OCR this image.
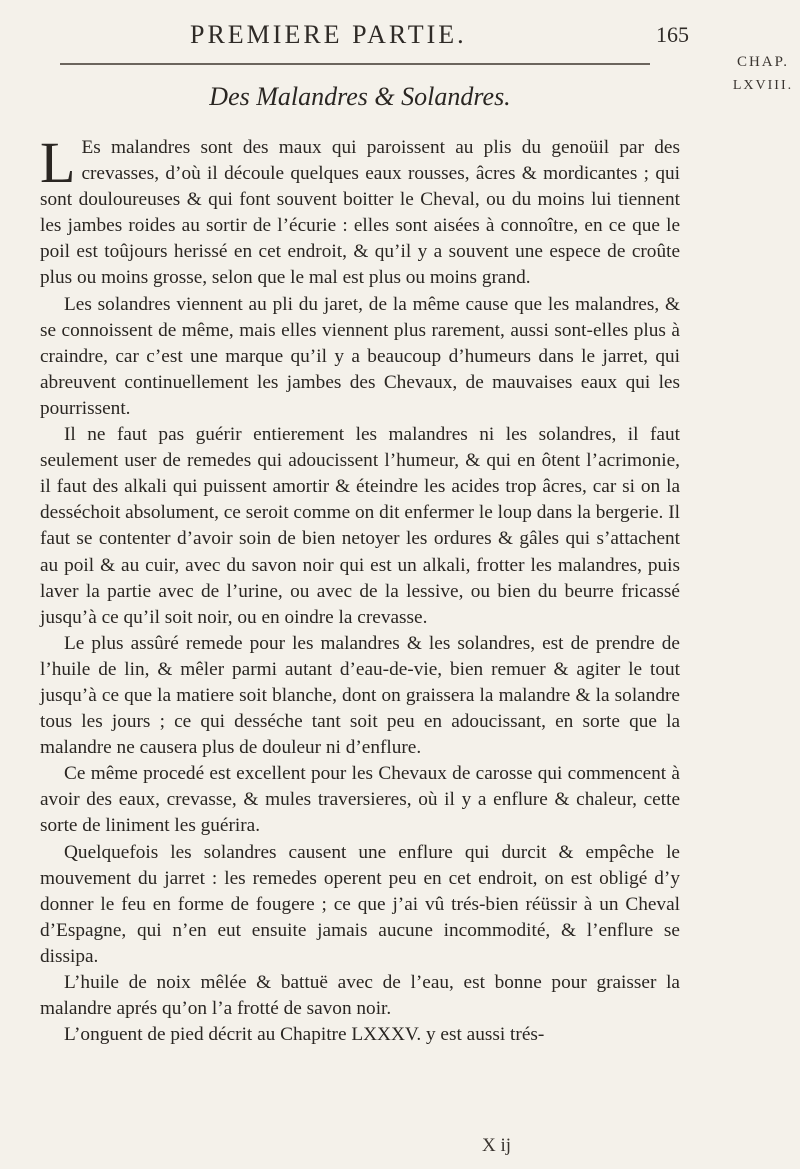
PREMIERE PARTIE.	165
CHAP.
LXVIII.
Des Malandres & Solandres.

L Es malandres sont des maux qui paroissent au plis du genoüil par des crevasses, d’où il découle quelques eaux rousses, âcres & mordicantes ; qui sont douloureuses & qui font souvent boitter le Cheval, ou du moins lui tiennent les jambes roides au sortir de l’écurie : elles sont aisées à connoître, en ce que le poil est toûjours herissé en cet endroit, & qu’il y a souvent une espece de croûte plus ou moins grosse, selon que le mal est plus ou moins grand.

Les solandres viennent au pli du jaret, de la même cause que les malandres, & se connoissent de même, mais elles viennent plus rarement, aussi sont-elles plus à craindre, car c’est une marque qu’il y a beaucoup d’humeurs dans le jarret, qui abreuvent continuellement les jambes des Chevaux, de mauvaises eaux qui les pourrissent.

Il ne faut pas guérir entierement les malandres ni les solandres, il faut seulement user de remedes qui adoucissent l’humeur, & qui en ôtent l’acrimonie, il faut des alkali qui puissent amortir & éteindre les acides trop âcres, car si on la desséchoit absolument, ce seroit comme on dit enfermer le loup dans la bergerie. Il faut se contenter d’avoir soin de bien netoyer les ordures & gâles qui s’attachent au poil & au cuir, avec du savon noir qui est un alkali, frotter les malandres, puis laver la partie avec de l’urine, ou avec de la lessive, ou bien du beurre fricassé jusqu’à ce qu’il soit noir, ou en oindre la crevasse.

Le plus assûré remede pour les malandres & les solandres, est de prendre de l’huile de lin, & mêler parmi autant d’eau-de-vie, bien remuer & agiter le tout jusqu’à ce que la matiere soit blanche, dont on graissera la malandre & la solandre tous les jours ; ce qui desséche tant soit peu en adoucissant, en sorte que la malandre ne causera plus de douleur ni d’enflure.

Ce même procedé est excellent pour les Chevaux de carosse qui commencent à avoir des eaux, crevasse, & mules traversieres, où il y a enflure & chaleur, cette sorte de liniment les guérira.

Quelquefois les solandres causent une enflure qui durcit & empêche le mouvement du jarret : les remedes operent peu en cet endroit, on est obligé d’y donner le feu en forme de fougere ; ce que j’ai vû trés-bien réüssir à un Cheval d’Espagne, qui n’en eut ensuite jamais aucune incommodité, & l’enflure se dissipa.

L’huile de noix mêlée & battuë avec de l’eau, est bonne pour graisser la malandre aprés qu’on l’a frotté de savon noir.

L’onguent de pied décrit au Chapitre LXXXV. y est aussi trés-

X ij
